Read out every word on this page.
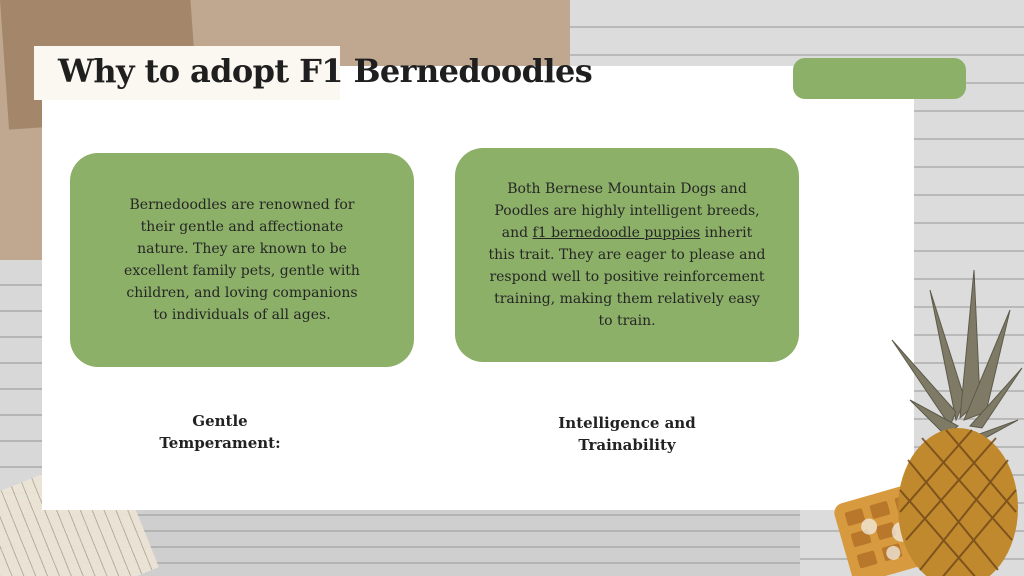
Why to adopt F1 Bernedoodles
Bernedoodles are renowned for their gentle and affectionate nature. They are known to be excellent family pets, gentle with children, and loving companions to individuals of all ages.
Both Bernese Mountain Dogs and Poodles are highly intelligent breeds, and f1 bernedoodle puppies inherit this trait. They are eager to please and respond well to positive reinforcement training, making them relatively easy to train.
Gentle Temperament:
Intelligence and Trainability
